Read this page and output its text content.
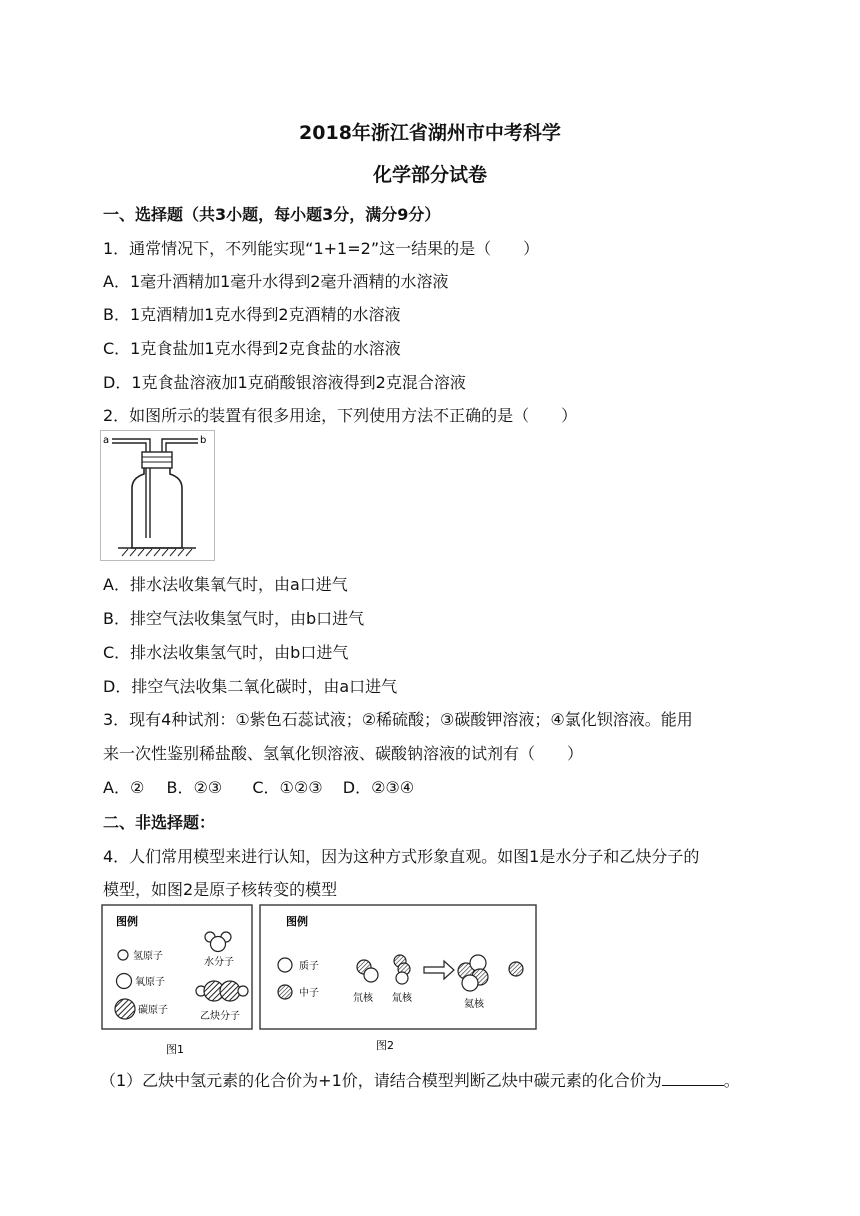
2018年浙江省湖州市中考科学
化学部分试卷
一、选择题（共3小题，每小题3分，满分9分）
1．通常情况下，不列能实现“1+1=2”这一结果的是（　　）
A．1毫升酒精加1毫升水得到2毫升酒精的水溶液
B．1克酒精加1克水得到2克酒精的水溶液
C．1克食盐加1克水得到2克食盐的水溶液
D．1克食盐溶液加1克硝酸银溶液得到2克混合溶液
2．如图所示的装置有很多用途，下列使用方法不正确的是（　　）
a	b
A．排水法收集氧气时，由a口进气
B．排空气法收集氢气时，由b口进气
C．排水法收集氢气时，由b口进气
D．排空气法收集二氧化碳时，由a口进气
3．现有4种试剂：①紫色石蕊试液；②稀硫酸；③碳酸钾溶液；④氯化钡溶液。能用
来一次性鉴别稀盐酸、氢氧化钡溶液、碳酸钠溶液的试剂有（　　）
A．② B．②③ C．①②③ D．②③④
二、非选择题：
4．人们常用模型来进行认知，因为这种方式形象直观。如图1是水分子和乙炔分子的
模型，如图2是原子核转变的模型
图例
氢原子
氧原子
碳原子
水分子
乙炔分子
图1
图例
质子
中子	氘核 氚核
氦核
图2
（1）乙炔中氢元素的化合价为+1价，请结合模型判断乙炔中碳元素的化合价为	。
